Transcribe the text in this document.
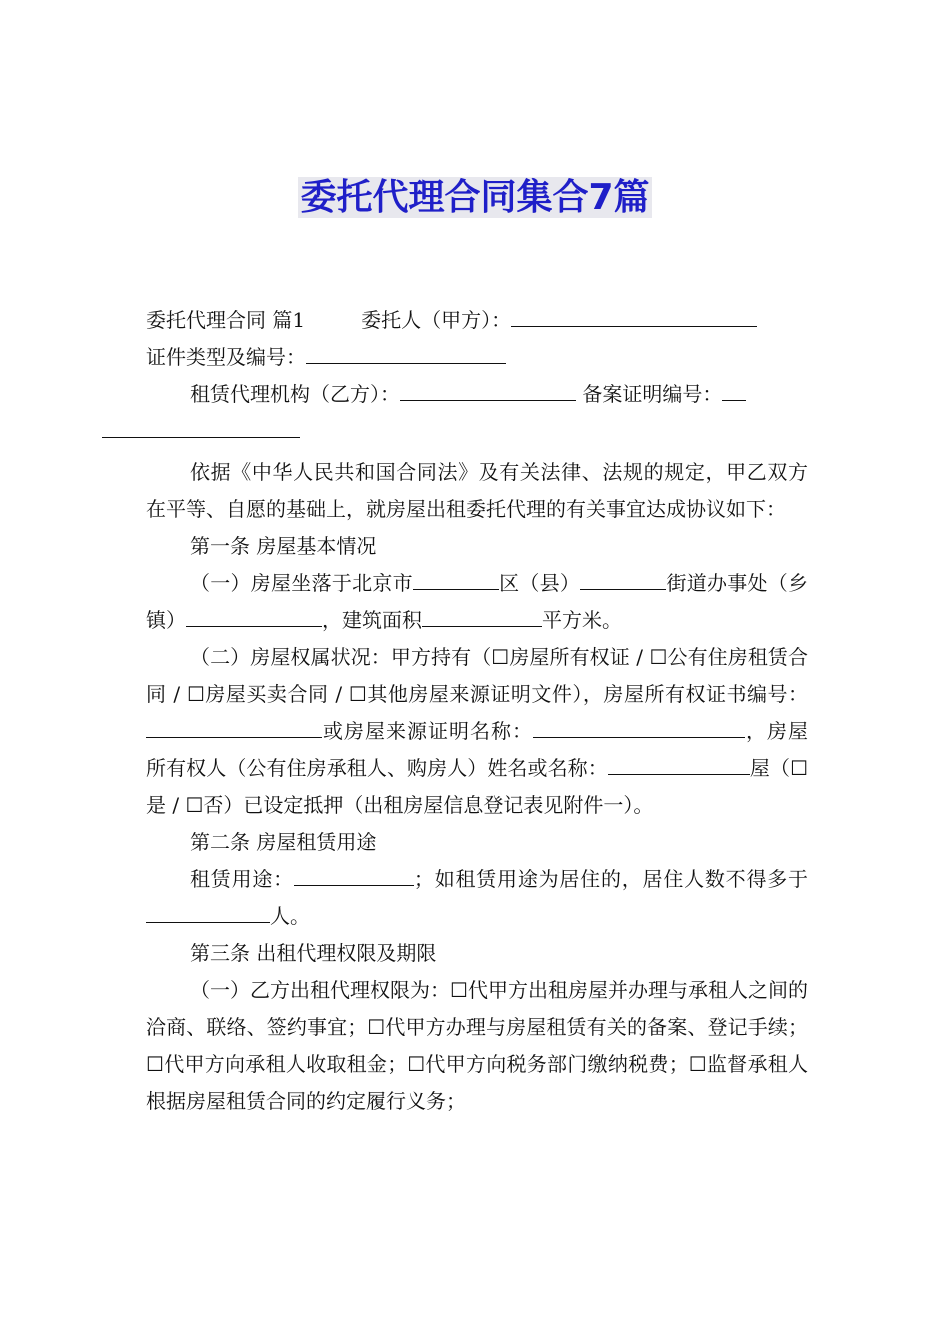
委托代理合同集合7篇

委托代理合同 篇1	委托人（甲方）：

证件类型及编号：

租赁代理机构（乙方）：	备案证明编号：

依据《中华人民共和国合同法》及有关法律、法规的规定，甲乙双方在平等、自愿的基础上，就房屋出租委托代理的有关事宜达成协议如下：

第一条 房屋基本情况

（一）房屋坐落于北京市	区（县）	街道办事处（乡镇）	，建筑面积	平方米。

（二）房屋权属状况：甲方持有（☐房屋所有权证 / ☐公有住房租赁合同 / ☐房屋买卖合同 / ☐其他房屋来源证明文件），房屋所有权证书编号：或房屋来源证明名称：	，房屋所有权人（公有住房承租人、购房人）姓名或名称：	屋（☐是 / ☐否）已设定抵押（出租房屋信息登记表见附件一）。

第二条 房屋租赁用途

租赁用途：	；如租赁用途为居住的，居住人数不得多于人。

第三条 出租代理权限及期限

（一）乙方出租代理权限为：☐代甲方出租房屋并办理与承租人之间的洽商、联络、签约事宜；☐代甲方办理与房屋租赁有关的备案、登记手续；☐代甲方向承租人收取租金；☐代甲方向税务部门缴纳税费；☐监督承租人根据房屋租赁合同的约定履行义务；
